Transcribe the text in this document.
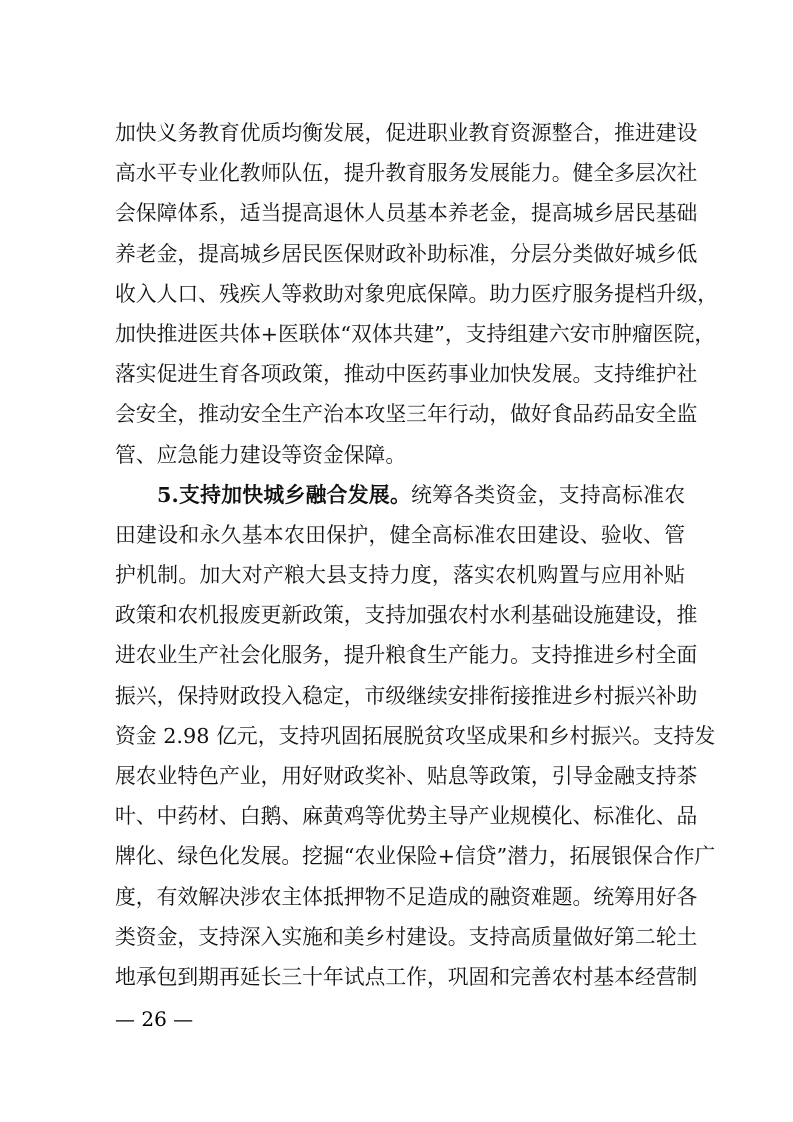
加快义务教育优质均衡发展，促进职业教育资源整合，推进建设
高水平专业化教师队伍，提升教育服务发展能力。健全多层次社
会保障体系，适当提高退休人员基本养老金，提高城乡居民基础
养老金，提高城乡居民医保财政补助标准，分层分类做好城乡低
收入人口、残疾人等救助对象兜底保障。助力医疗服务提档升级，
加快推进医共体+医联体“双体共建”，支持组建六安市肿瘤医院，
落实促进生育各项政策，推动中医药事业加快发展。支持维护社
会安全，推动安全生产治本攻坚三年行动，做好食品药品安全监
管、应急能力建设等资金保障。
5.支持加快城乡融合发展。统筹各类资金，支持高标准农
田建设和永久基本农田保护，健全高标准农田建设、验收、管
护机制。加大对产粮大县支持力度，落实农机购置与应用补贴
政策和农机报废更新政策，支持加强农村水利基础设施建设，推
进农业生产社会化服务，提升粮食生产能力。支持推进乡村全面
振兴，保持财政投入稳定，市级继续安排衔接推进乡村振兴补助
资金 2.98 亿元，支持巩固拓展脱贫攻坚成果和乡村振兴。支持发
展农业特色产业，用好财政奖补、贴息等政策，引导金融支持茶
叶、中药材、白鹅、麻黄鸡等优势主导产业规模化、标准化、品
牌化、绿色化发展。挖掘“农业保险+信贷”潜力，拓展银保合作广
度，有效解决涉农主体抵押物不足造成的融资难题。统筹用好各
类资金，支持深入实施和美乡村建设。支持高质量做好第二轮土
地承包到期再延长三十年试点工作，巩固和完善农村基本经营制
— 26 —
